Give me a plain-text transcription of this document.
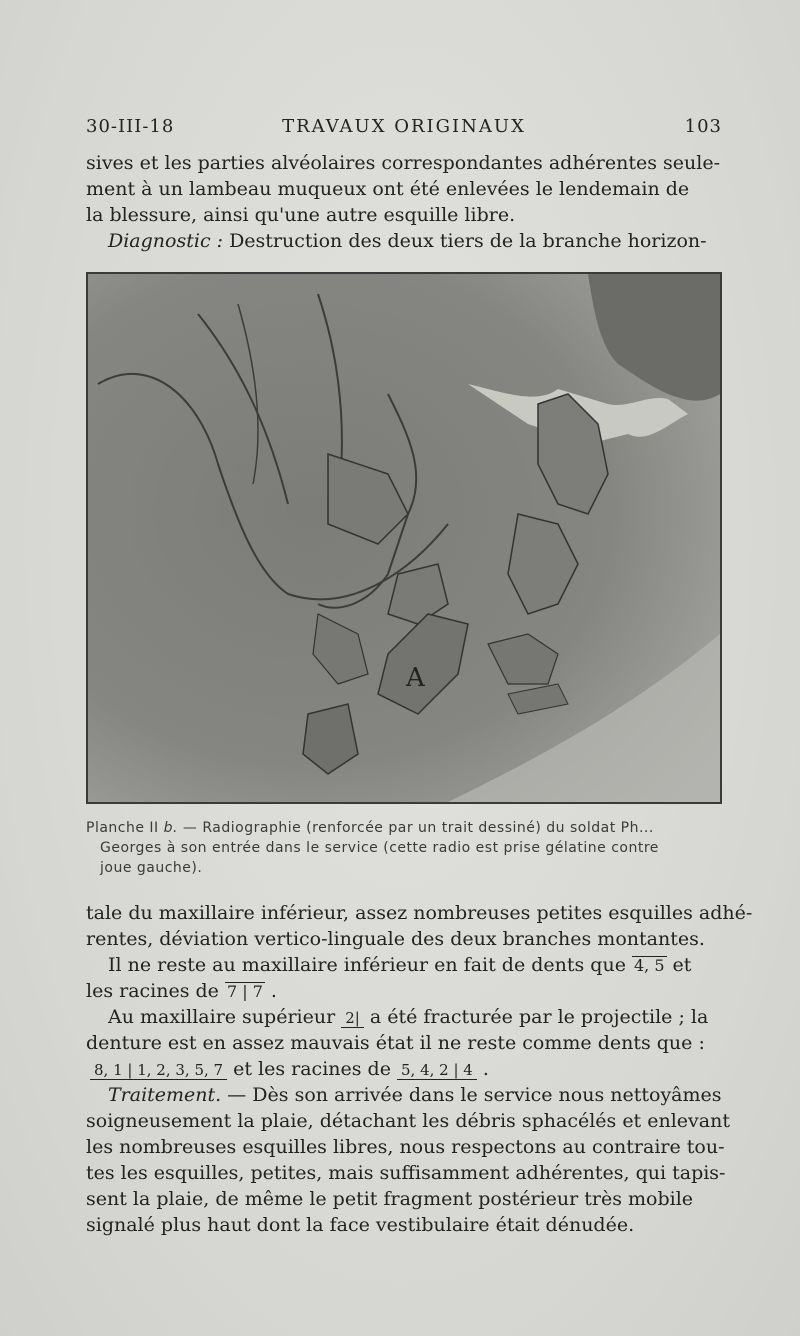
30-III-18	TRAVAUX ORIGINAUX	103
sives et les parties alvéolaires correspondantes adhérentes seule-
ment à un lambeau muqueux ont été enlevées le lendemain de
la blessure, ainsi qu'une autre esquille libre.
Diagnostic : Destruction des deux tiers de la branche horizon-
A
Planche II b. — Radiographie (renforcée par un trait dessiné) du soldat Ph...
Georges à son entrée dans le service (cette radio est prise gélatine contre
joue gauche).
tale du maxillaire inférieur, assez nombreuses petites esquilles adhé-
rentes, déviation vertico-linguale des deux branches montantes.
Il ne reste au maxillaire inférieur en fait de dents que 4, 5 et
les racines de 7 | 7 .
Au maxillaire supérieur 2| a été fracturée par le projectile ; la
denture est en assez mauvais état il ne reste comme dents que :
8, 1 | 1, 2, 3, 5, 7 et les racines de 5, 4, 2 | 4 .
Traitement. — Dès son arrivée dans le service nous nettoyâmes
soigneusement la plaie, détachant les débris sphacélés et enlevant
les nombreuses esquilles libres, nous respectons au contraire tou-
tes les esquilles, petites, mais suffisamment adhérentes, qui tapis-
sent la plaie, de même le petit fragment postérieur très mobile
signalé plus haut dont la face vestibulaire était dénudée.
